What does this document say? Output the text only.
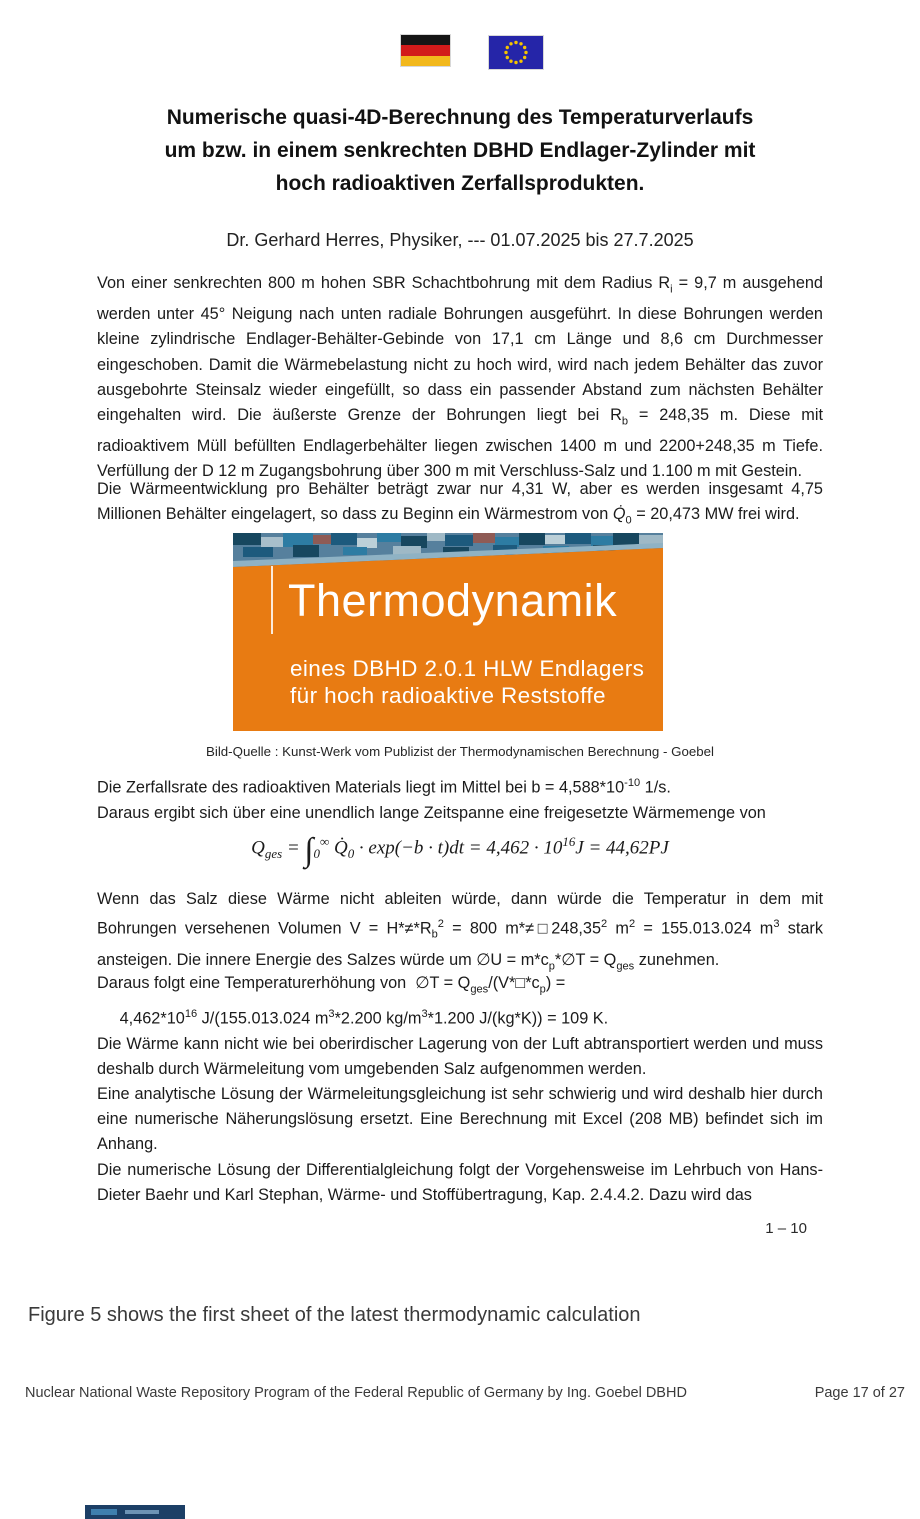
Numerische quasi-4D-Berechnung des Temperaturverlaufs
um bzw. in einem senkrechten DBHD Endlager-Zylinder mit
hoch radioaktiven Zerfallsprodukten.
Dr. Gerhard Herres, Physiker, --- 01.07.2025 bis 27.7.2025
Von einer senkrechten 800 m hohen SBR Schachtbohrung mit dem Radius $R_i = 9,7$ m ausgehend werden unter 45° Neigung nach unten radiale Bohrungen ausgeführt. In diese Bohrungen werden kleine zylindrische Endlager-Behälter-Gebinde von 17,1 cm Länge und 8,6 cm Durchmesser eingeschoben. Damit die Wärmebelastung nicht zu hoch wird, wird nach jedem Behälter das zuvor ausgebohrte Steinsalz wieder eingefüllt, so dass ein passender Abstand zum nächsten Behälter eingehalten wird. Die äußerste Grenze der Bohrungen liegt bei $R_b = 248,35$ m. Diese mit radioaktivem Müll befüllten Endlagerbehälter liegen zwischen 1400 m und 2200+248,35 m Tiefe. Verfüllung der D 12 m Zugangsbohrung über 300 m mit Verschluss-Salz und 1.100 m mit Gestein.
Die Wärmeentwicklung pro Behälter beträgt zwar nur 4,31 W, aber es werden insgesamt 4,75 Millionen Behälter eingelagert, so dass zu Beginn ein Wärmestrom von $Q̇_0 = 20,473$ MW frei wird.
Thermodynamik
eines DBHD 2.0.1 HLW Endlagers
für hoch radioaktive Reststoffe
Bild-Quelle : Kunst-Werk vom Publizist der Thermodynamischen Berechnung - Goebel
Die Zerfallsrate des radioaktiven Materials liegt im Mittel bei $b = 4,588*10^{-10}$ 1/s.
Daraus ergibt sich über eine unendlich lange Zeitspanne eine freigesetzte Wärmemenge von
$Q_{ges} = \int_0^\infty$ $Q̇_0 \cdot \exp(-b \cdot t)dt = 4,462 \cdot 10^{16}J = 44,62PJ$
Wenn das Salz diese Wärme nicht ableiten würde, dann würde die Temperatur in dem mit Bohrungen versehenen Volumen $V = H*\ne*R_b^2 = 800$ $m*\ne□248,35^2$ $m^2 = 155.013.024$ $m^3$ stark ansteigen. Die innere Energie des Salzes würde um ∅U = $m*c_p*\emptyset T = Q_{ges}$ zunehmen.
Daraus folgt eine Temperaturerhöhung von  ∅T = $Q_{ges}/(V*□*c_p)$ =
$4,462*10^{16}$ J/(155.013.024 $m^3*2.200$ $kg/m^3*1.200$ J/(kg*K)) = 109 K.
Die Wärme kann nicht wie bei oberirdischer Lagerung von der Luft abtransportiert werden und muss deshalb durch Wärmeleitung vom umgebenden Salz aufgenommen werden.
Eine analytische Lösung der Wärmeleitungsgleichung ist sehr schwierig und wird deshalb hier durch eine numerische Näherungslösung ersetzt. Eine Berechnung mit Excel (208 MB) befindet sich im Anhang.
Die numerische Lösung der Differentialgleichung folgt der Vorgehensweise im Lehrbuch von Hans-Dieter Baehr und Karl Stephan, Wärme- und Stoffübertragung, Kap. 2.4.4.2. Dazu wird das
1 – 10
Figure 5 shows the first sheet of the latest thermodynamic calculation
Nuclear National Waste Repository Program of the Federal Republic of Germany by Ing. Goebel DBHD	Page 17 of 27
